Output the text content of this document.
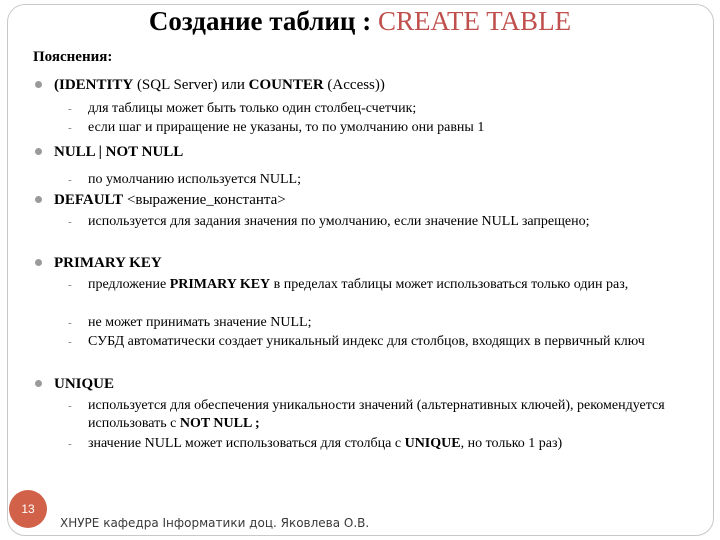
Создание таблиц : CREATE TABLE
Пояснения:
(IDENTITY (SQL Server) или COUNTER (Access))
- для таблицы может быть только один столбец-счетчик;
- если шаг и приращение не указаны, то по умолчанию они равны 1
NULL | NOT NULL
- по умолчанию используется NULL;
DEFAULT <выражение_константа>
- используется для задания значения по умолчанию, если значение NULL запрещено;
PRIMARY KEY
- предложение PRIMARY KEY в пределах таблицы может использоваться только один раз,
- не может принимать значение NULL;
- СУБД автоматически создает уникальный индекс для столбцов, входящих в первичный ключ
UNIQUE
- используется для обеспечения уникальности значений (альтернативных ключей), рекомендуется использовать с NOT NULL ;
- значение NULL может использоваться для столбца с UNIQUE, но только 1 раз)
13
ХНУРЕ кафедра Інформатики доц. Яковлева О.В.
